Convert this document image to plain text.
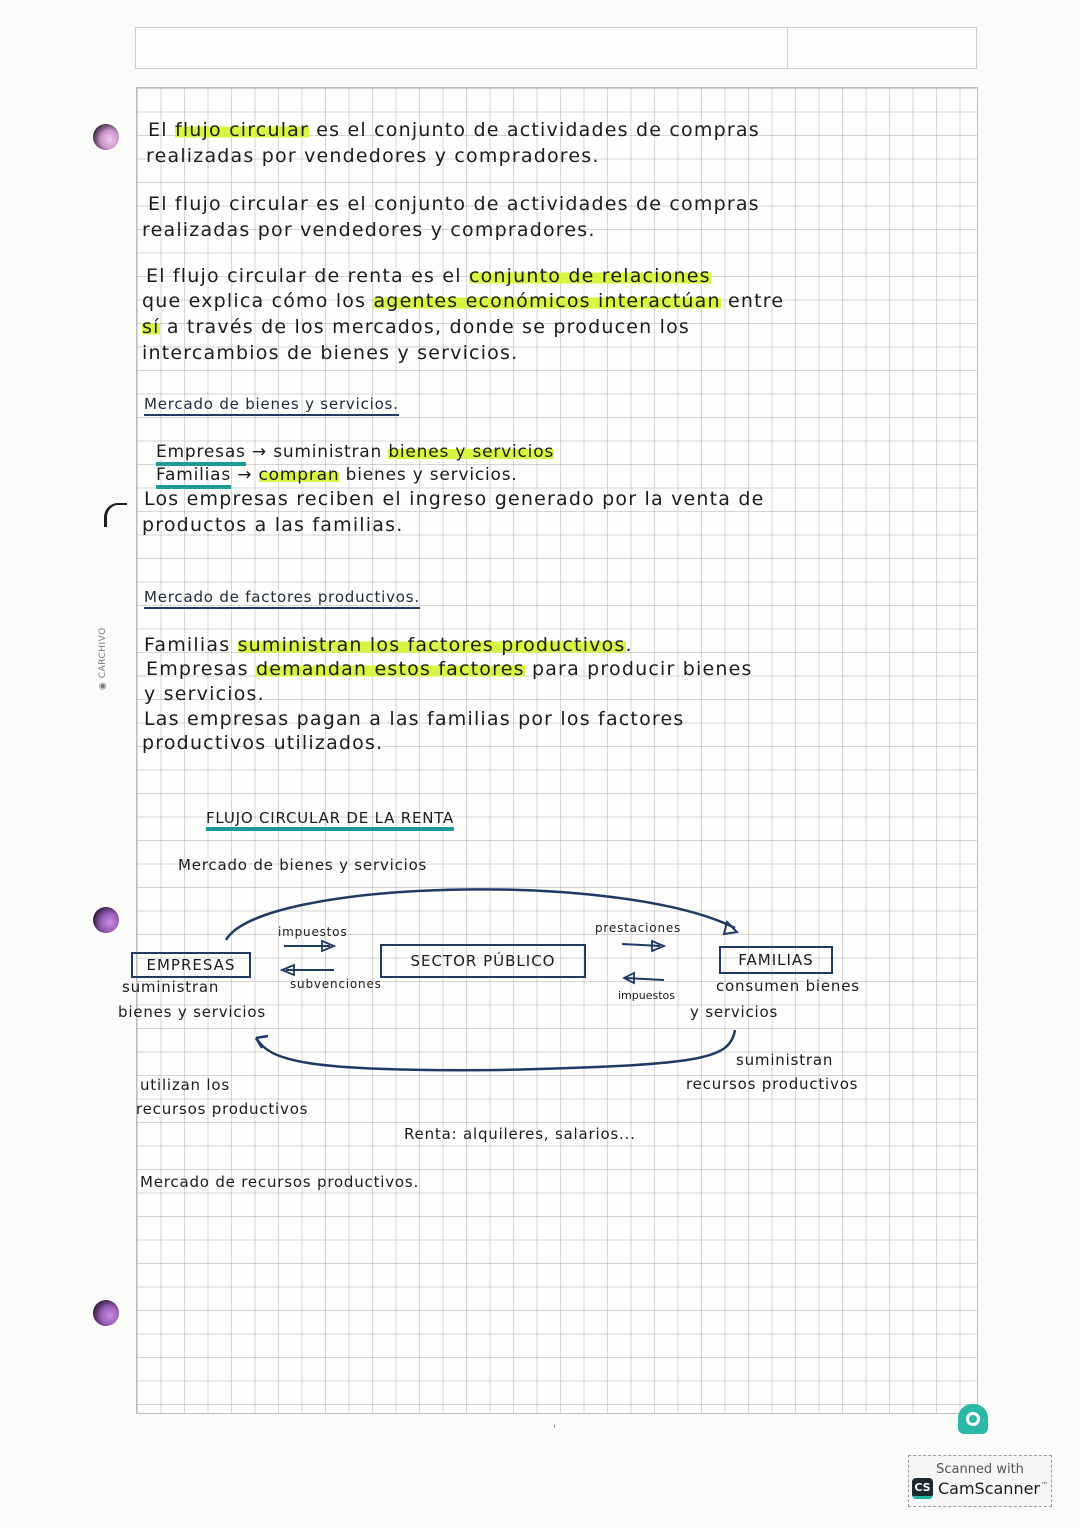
◉ CARCHIVO
El flujo circular es el conjunto de actividades de compras
realizadas por vendedores y compradores.
El flujo circular es el conjunto de actividades de compras
realizadas por vendedores y compradores.
El flujo circular de renta es el conjunto de relaciones
que explica cómo los agentes económicos interactúan entre
sí a través de los mercados, donde se producen los
intercambios de bienes y servicios.
Mercado de bienes y servicios.
Empresas → suministran bienes y servicios
Familias → compran bienes y servicios.
Los empresas reciben el ingreso generado por la venta de
productos a las familias.
Mercado de factores productivos.
Familias suministran los factores productivos.
Empresas demandan estos factores para producir bienes
y servicios.
Las empresas pagan a las familias por los factores
productivos utilizados.
FLUJO CIRCULAR DE LA RENTA
Mercado de bienes y servicios
EMPRESAS	SECTOR PÚBLICO	FAMILIAS
impuestos
subvenciones
prestaciones
impuestos
suministran
bienes y servicios
consumen bienes
y servicios
suministran
recursos productivos
utilizan los
recursos productivos
Renta: alquileres, salarios...
Mercado de recursos productivos.
'
Scanned with
CS CamScanner ™
